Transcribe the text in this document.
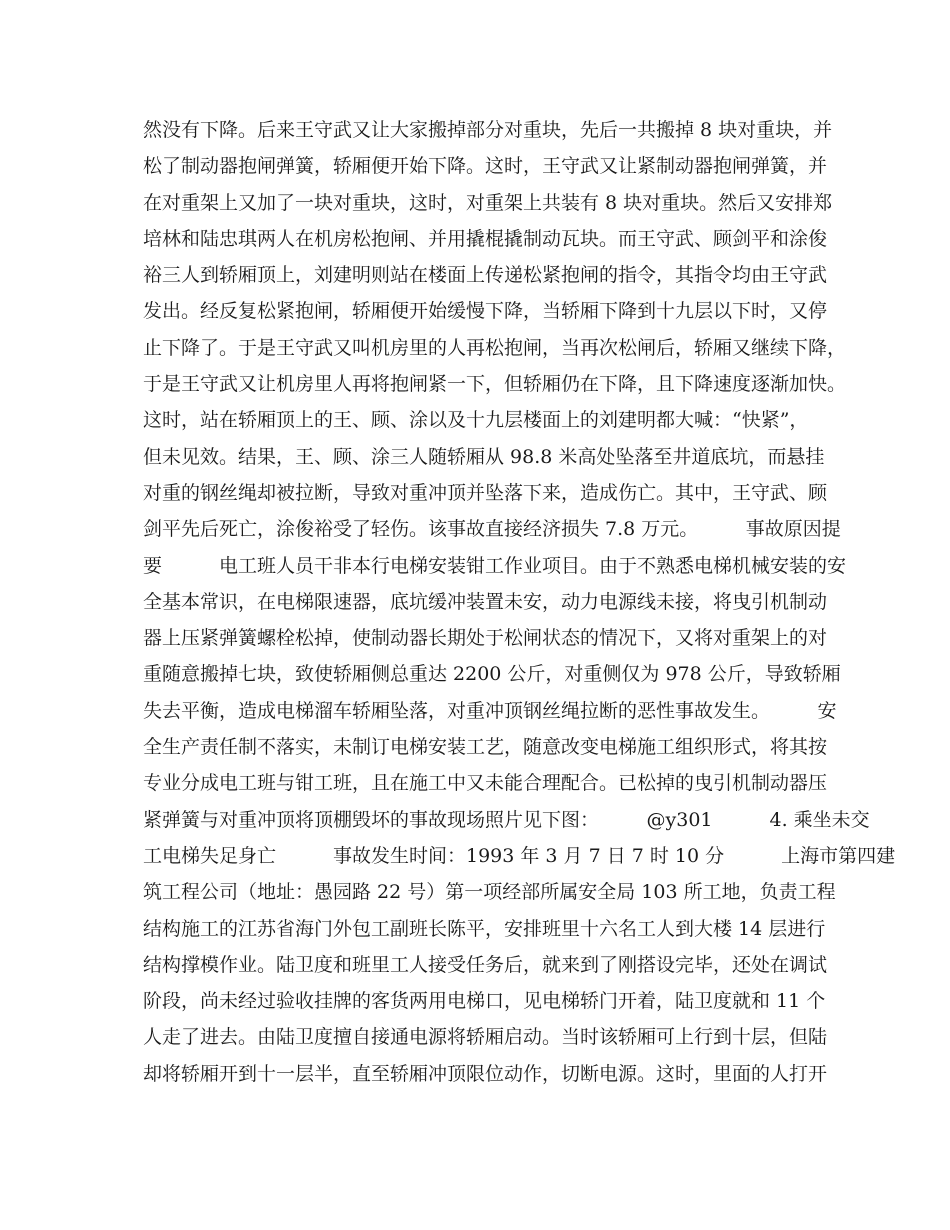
然没有下降。后来王守武又让大家搬掉部分对重块，先后一共搬掉 8 块对重块，并
松了制动器抱闸弹簧，轿厢便开始下降。这时，王守武又让紧制动器抱闸弹簧，并
在对重架上又加了一块对重块，这时，对重架上共装有 8 块对重块。然后又安排郑
培林和陆忠琪两人在机房松抱闸、并用撬棍撬制动瓦块。而王守武、顾剑平和涂俊
裕三人到轿厢顶上，刘建明则站在楼面上传递松紧抱闸的指令，其指令均由王守武
发出。经反复松紧抱闸，轿厢便开始缓慢下降，当轿厢下降到十九层以下时，又停
止下降了。于是王守武又叫机房里的人再松抱闸，当再次松闸后，轿厢又继续下降，
于是王守武又让机房里人再将抱闸紧一下，但轿厢仍在下降，且下降速度逐渐加快。
这时，站在轿厢顶上的王、顾、涂以及十九层楼面上的刘建明都大喊：“快紧”，
但未见效。结果，王、顾、涂三人随轿厢从 98.8 米高处坠落至井道底坑，而悬挂
对重的钢丝绳却被拉断，导致对重冲顶并坠落下来，造成伤亡。其中，王守武、顾
剑平先后死亡，涂俊裕受了轻伤。该事故直接经济损失 7.8 万元。　　　事故原因提
要　　　电工班人员干非本行电梯安装钳工作业项目。由于不熟悉电梯机械安装的安
全基本常识，在电梯限速器，底坑缓冲装置未安，动力电源线未接，将曳引机制动
器上压紧弹簧螺栓松掉，使制动器长期处于松闸状态的情况下，又将对重架上的对
重随意搬掉七块，致使轿厢侧总重达 2200 公斤，对重侧仅为 978 公斤，导致轿厢
失去平衡，造成电梯溜车轿厢坠落，对重冲顶钢丝绳拉断的恶性事故发生。　　　安
全生产责任制不落实，未制订电梯安装工艺，随意改变电梯施工组织形式，将其按
专业分成电工班与钳工班，且在施工中又未能合理配合。已松掉的曳引机制动器压
紧弹簧与对重冲顶将顶棚毁坏的事故现场照片见下图：　　　@y301　　　4. 乘坐未交
工电梯失足身亡　　　事故发生时间：1993 年 3 月 7 日 7 时 10 分　　　上海市第四建
筑工程公司（地址：愚园路 22 号）第一项经部所属安全局 103 所工地，负责工程
结构施工的江苏省海门外包工副班长陈平，安排班里十六名工人到大楼 14 层进行
结构撑模作业。陆卫度和班里工人接受任务后，就来到了刚搭设完毕，还处在调试
阶段，尚未经过验收挂牌的客货两用电梯口，见电梯轿门开着，陆卫度就和 11 个
人走了进去。由陆卫度擅自接通电源将轿厢启动。当时该轿厢可上行到十层，但陆
却将轿厢开到十一层半，直至轿厢冲顶限位动作，切断电源。这时，里面的人打开
